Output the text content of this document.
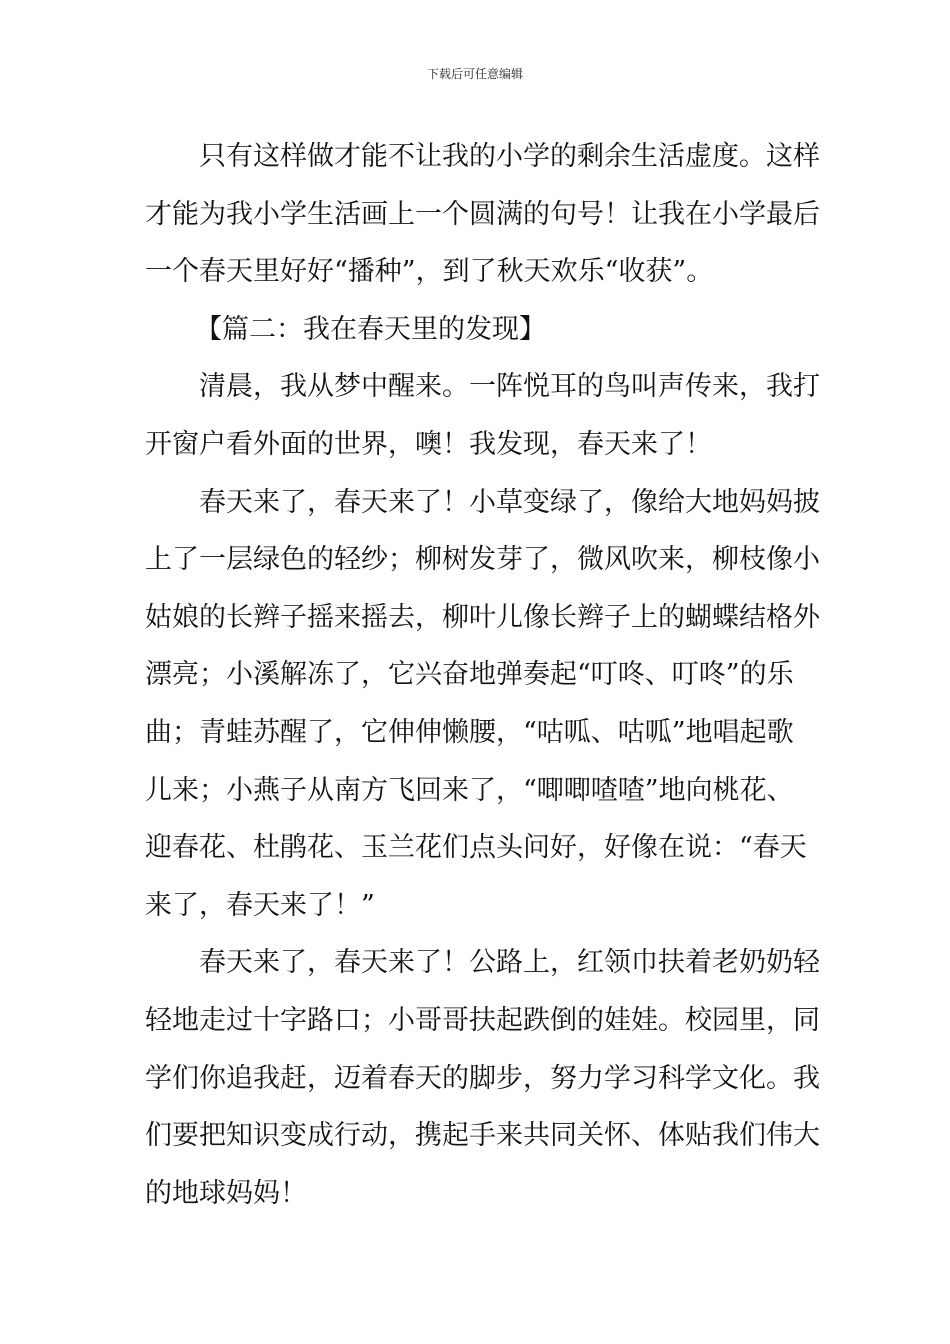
下载后可任意编辑
只有这样做才能不让我的小学的剩余生活虚度。这样
才能为我小学生活画上一个圆满的句号！让我在小学最后
一个春天里好好“播种”，到了秋天欢乐“收获”。
【篇二：我在春天里的发现】
清晨，我从梦中醒来。一阵悦耳的鸟叫声传来，我打
开窗户看外面的世界，噢！我发现，春天来了！
春天来了，春天来了！小草变绿了，像给大地妈妈披
上了一层绿色的轻纱；柳树发芽了，微风吹来，柳枝像小
姑娘的长辫子摇来摇去，柳叶儿像长辫子上的蝴蝶结格外
漂亮；小溪解冻了，它兴奋地弹奏起“叮咚、叮咚”的乐
曲；青蛙苏醒了，它伸伸懒腰，“咕呱、咕呱”地唱起歌
儿来；小燕子从南方飞回来了，“唧唧喳喳”地向桃花、
迎春花、杜鹃花、玉兰花们点头问好，好像在说：“春天
来了，春天来了！”
春天来了，春天来了！公路上，红领巾扶着老奶奶轻
轻地走过十字路口；小哥哥扶起跌倒的娃娃。校园里，同
学们你追我赶，迈着春天的脚步，努力学习科学文化。我
们要把知识变成行动，携起手来共同关怀、体贴我们伟大
的地球妈妈！
